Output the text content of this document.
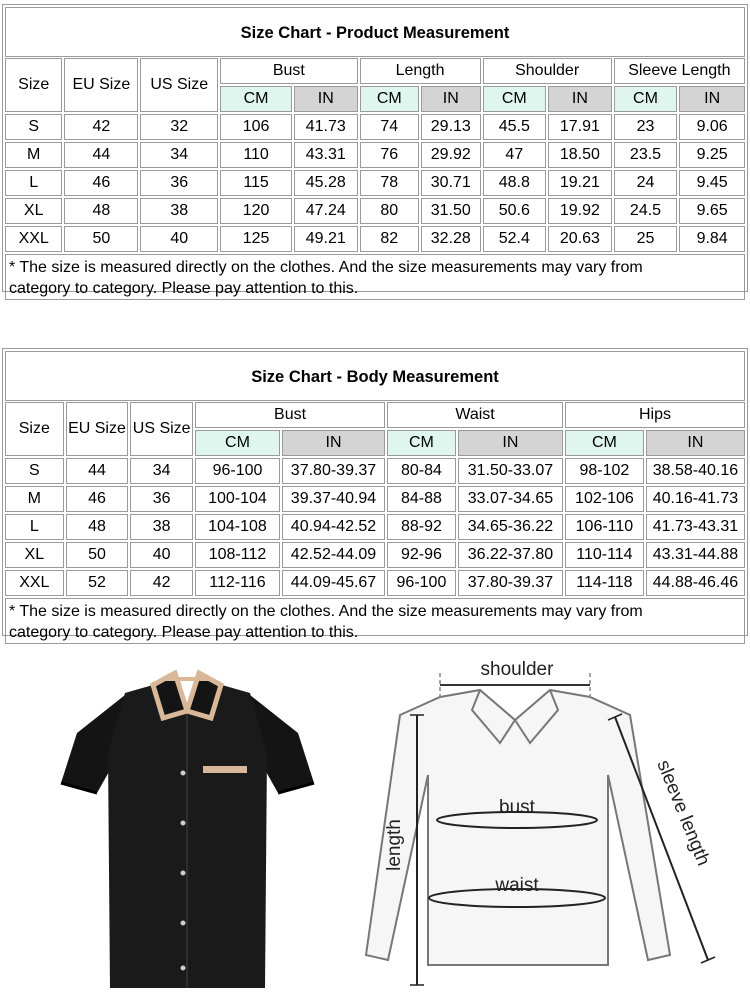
Size Chart - Product Measurement
Size	EU Size	US Size	Bust		Length		Shoulder		Sleeve Length	
			CM	IN	CM	IN	CM	IN	CM	IN
S	42	32	106	41.73	74	29.13	45.5	17.91	23	9.06
M	44	34	110	43.31	76	29.92	47	18.50	23.5	9.25
L	46	36	115	45.28	78	30.71	48.8	19.21	24	9.45
XL	48	38	120	47.24	80	31.50	50.6	19.92	24.5	9.65
XXL	50	40	125	49.21	82	32.28	52.4	20.63	25	9.84
* The size is measured directly on the clothes. And the size measurements may vary from
category to category. Please pay attention to this.
Size Chart - Body Measurement
Size	EU Size	US Size	Bust		Waist		Hips	
			CM	IN	CM	IN	CM	IN
S	44	34	96-100	37.80-39.37	80-84	31.50-33.07	98-102	38.58-40.16
M	46	36	100-104	39.37-40.94	84-88	33.07-34.65	102-106	40.16-41.73
L	48	38	104-108	40.94-42.52	88-92	34.65-36.22	106-110	41.73-43.31
XL	50	40	108-112	42.52-44.09	92-96	36.22-37.80	110-114	43.31-44.88
XXL	52	42	112-116	44.09-45.67	96-100	37.80-39.37	114-118	44.88-46.46
* The size is measured directly on the clothes. And the size measurements may vary from
category to category. Please pay attention to this.
shoulder
bust
waist
length	sleeve length
